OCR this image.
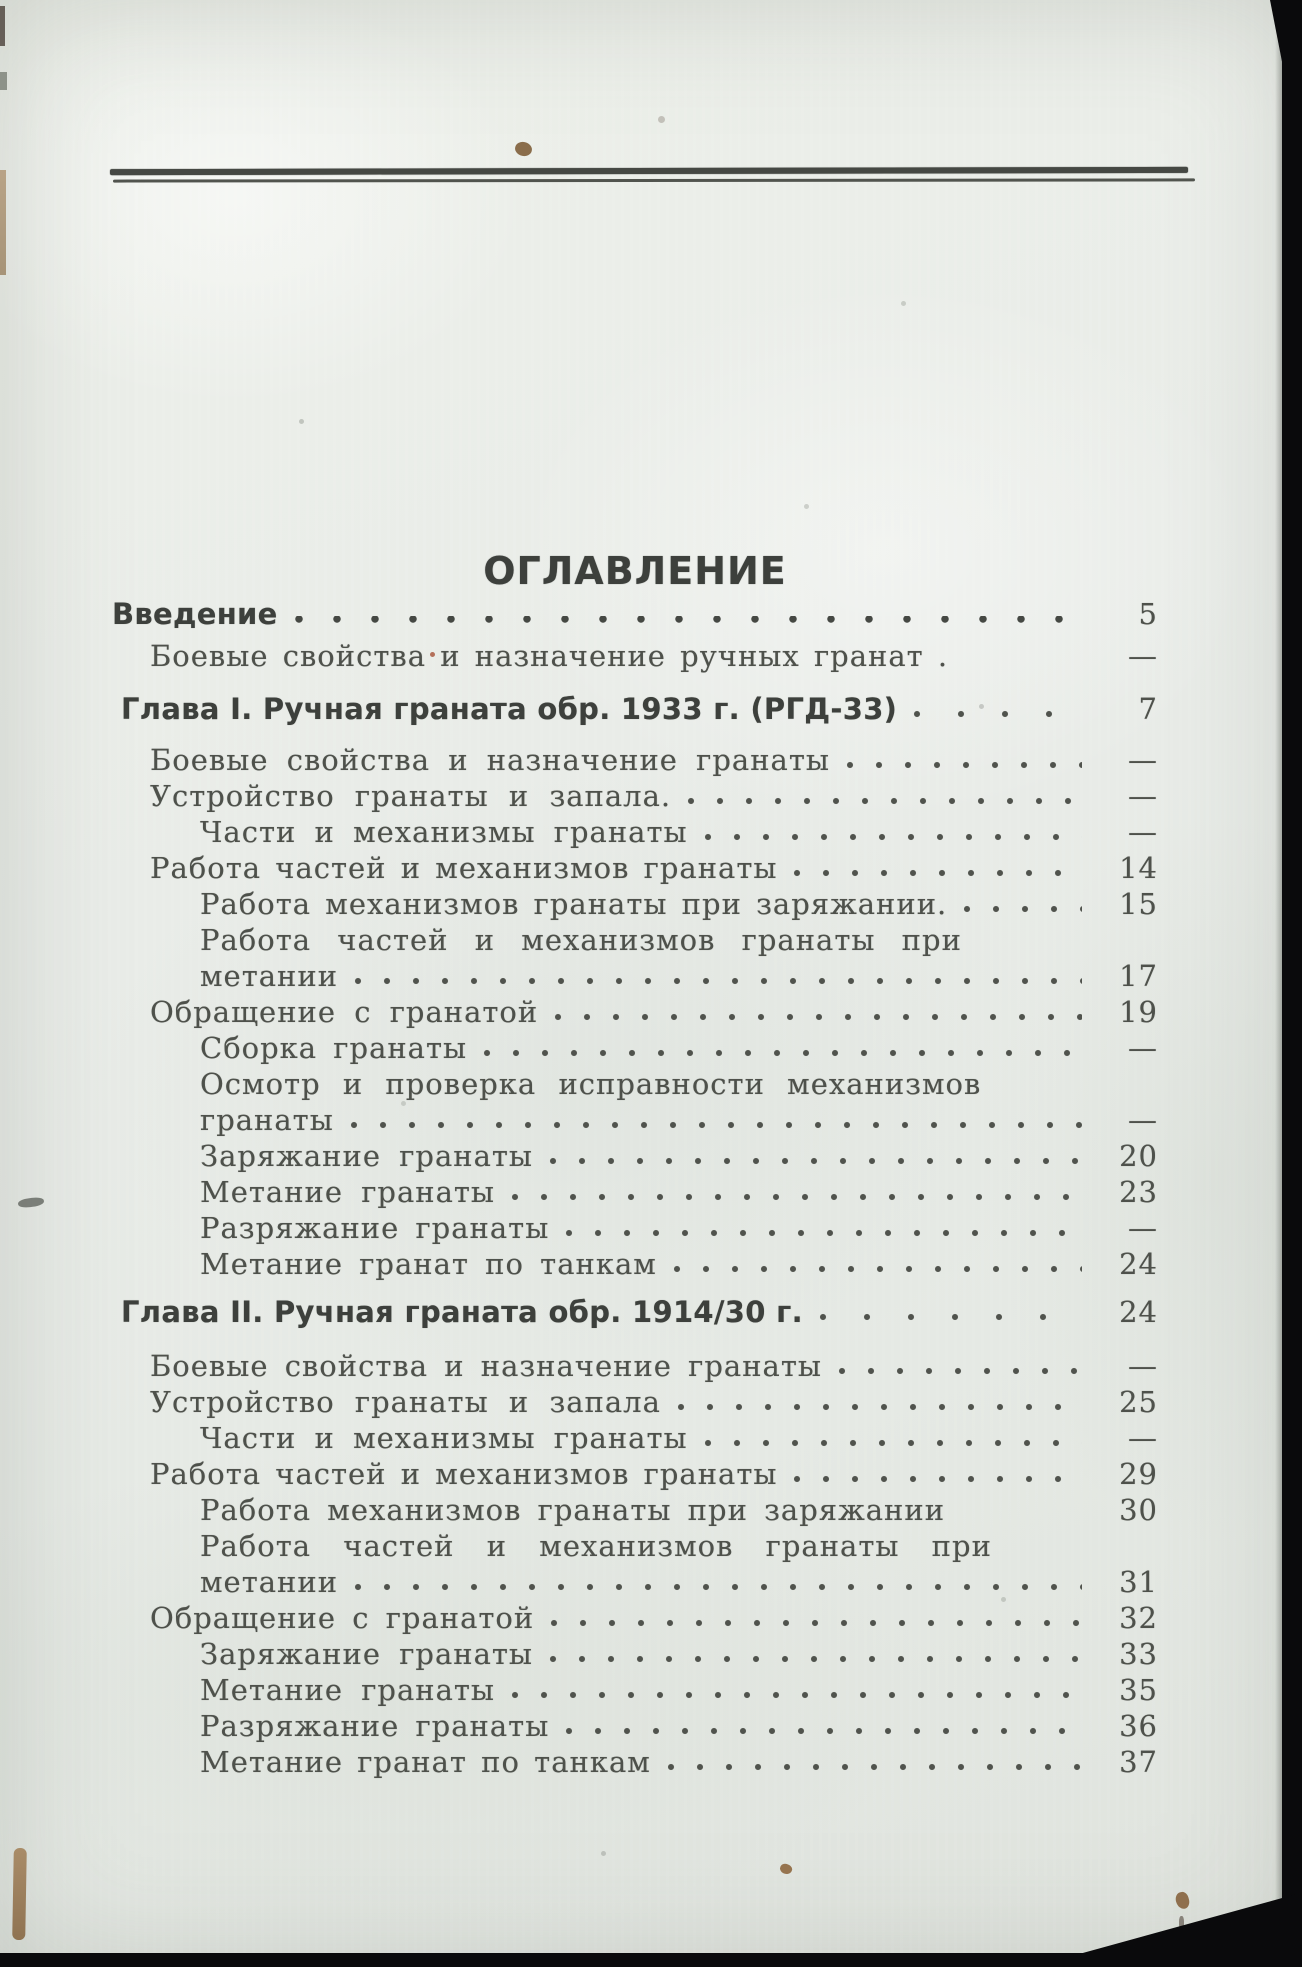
ОГЛАВЛЕНИЕ
Введение	5
Боевые свойства и назначение ручных гранат .	—
Глава I. Ручная граната обр. 1933 г. (РГД-33)	7
Боевые свойства и назначение гранаты	—
Устройство гранаты и запала.	—
Части и механизмы гранаты	—
Работа частей и механизмов гранаты	14
Работа механизмов гранаты при заряжании.	15
Работа частей и механизмов гранаты при
метании	17
Обращение с гранатой	19
Сборка гранаты	—
Осмотр и проверка исправности механизмов
гранаты	—
Заряжание гранаты	20
Метание гранаты	23
Разряжание гранаты	—
Метание гранат по танкам	24
Глава II. Ручная граната обр. 1914/30 г.	24
Боевые свойства и назначение гранаты	—
Устройство гранаты и запала	25
Части и механизмы гранаты	—
Работа частей и механизмов гранаты	29
Работа механизмов гранаты при заряжании	30
Работа частей и механизмов гранаты при
метании	31
Обращение с гранатой	32
Заряжание гранаты	33
Метание гранаты	35
Разряжание гранаты	36
Метание гранат по танкам	37
